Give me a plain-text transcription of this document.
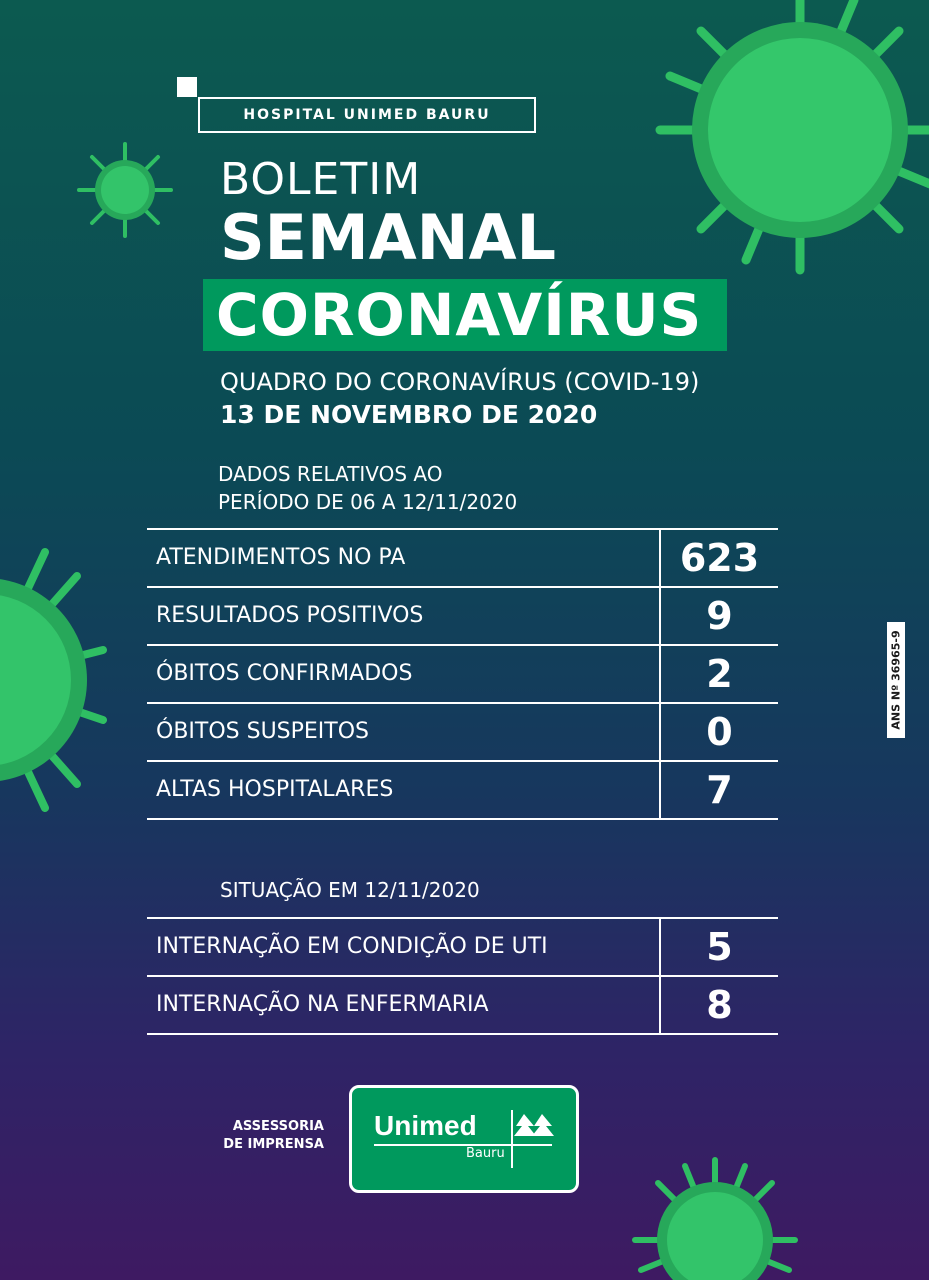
HOSPITAL UNIMED BAURU
BOLETIM
SEMANAL
CORONAVÍRUS
QUADRO DO CORONAVÍRUS (COVID-19)
13 DE NOVEMBRO DE 2020
DADOS RELATIVOS AO
PERÍODO DE 06 A 12/11/2020
ATENDIMENTOS NO PA	623
RESULTADOS POSITIVOS	9
ÓBITOS CONFIRMADOS	2
ÓBITOS SUSPEITOS	0
ALTAS HOSPITALARES	7
SITUAÇÃO EM 12/11/2020
INTERNAÇÃO EM CONDIÇÃO DE UTI	5
INTERNAÇÃO NA ENFERMARIA	8
ANS Nº 36965-9
ASSESSORIA
DE IMPRENSA
Unimed
Bauru
